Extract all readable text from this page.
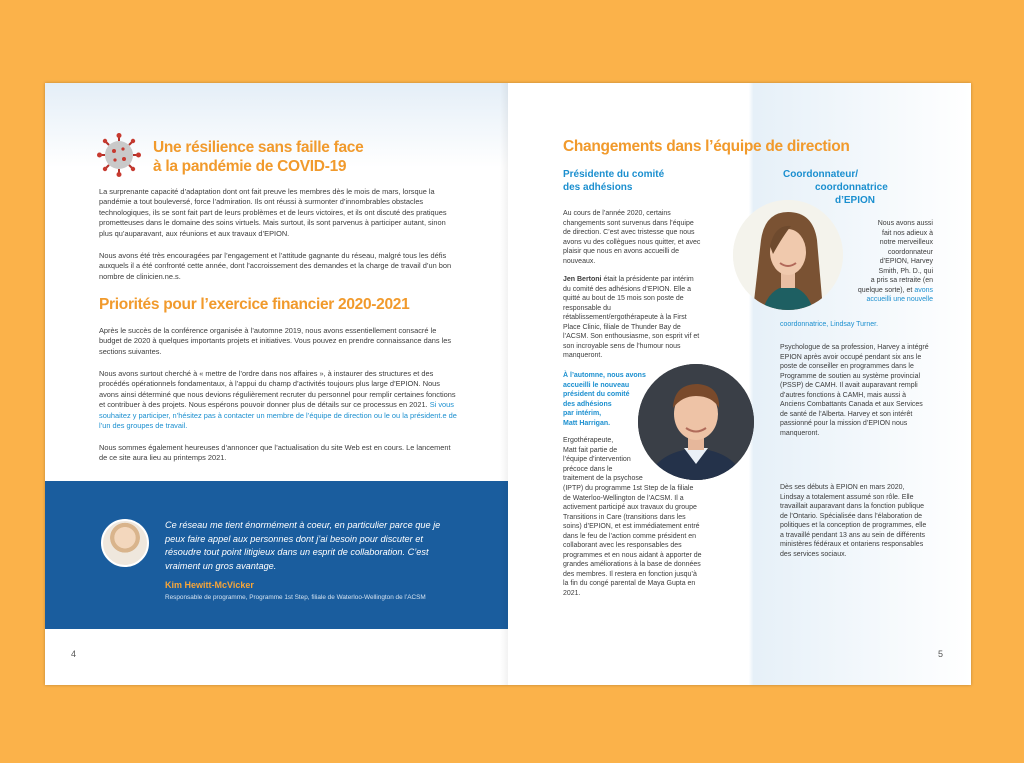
Une résilience sans faille face
à la pandémie de COVID-19

La surprenante capacité d’adaptation dont ont fait preuve les membres dès le mois de mars, lorsque la pandémie a tout bouleversé, force l’admiration. Ils ont réussi à surmonter d’innombrables obstacles technologiques, ils se sont fait part de leurs problèmes et de leurs victoires, et ils ont discuté des pratiques prometteuses dans le domaine des soins virtuels. Mais surtout, ils sont parvenus à participer autant, sinon plus qu’auparavant, aux réunions et aux travaux d’EPION.

Nous avons été très encouragées par l’engagement et l’attitude gagnante du réseau, malgré tous les défis auxquels il a été confronté cette année, dont l’accroissement des demandes et la charge de travail d’un bon nombre de clinicien.ne.s.

Priorités pour l’exercice financier 2020-2021

Après le succès de la conférence organisée à l’automne 2019, nous avons essentiellement consacré le budget de 2020 à quelques importants projets et initiatives. Vous pouvez en prendre connaissance dans les sections suivantes.

Nous avons surtout cherché à « mettre de l’ordre dans nos affaires », à instaurer des structures et des procédés opérationnels fondamentaux, à l’appui du champ d’activités toujours plus large d’EPION. Nous avons ainsi déterminé que nous devions régulièrement recruter du personnel pour remplir certaines fonctions et contribuer à des projets. Nous espérons pouvoir donner plus de détails sur ce processus en 2021. Si vous souhaitez y participer, n’hésitez pas à contacter un membre de l’équipe de direction ou le ou la président.e de l’un des groupes de travail.

Nous sommes également heureuses d’annoncer que l’actualisation du site Web est en cours. Le lancement de ce site aura lieu au printemps 2021.

Ce réseau me tient énormément à coeur, en particulier parce que je peux faire appel aux personnes dont j’ai besoin pour discuter et résoudre tout point litigieux dans un esprit de collaboration. C’est vraiment un gros avantage.

Kim Hewitt-McVicker
Responsable de programme, Programme 1st Step, filiale de Waterloo-Wellington de l’ACSM
4
Changements dans l’équipe de direction
Présidente du comité
des adhésions

Au cours de l’année 2020, certains changements sont survenus dans l’équipe de direction. C’est avec tristesse que nous avons vu des collègues nous quitter, et avec plaisir que nous en avons accueilli de nouveaux.

Jen Bertoni était la présidente par intérim du comité des adhésions d’EPION. Elle a quitté au bout de 15 mois son poste de responsable du rétablissement/ergothérapeute à la First Place Clinic, filiale de Thunder Bay de l’ACSM. Son enthousiasme, son esprit vif et son incroyable sens de l’humour nous manqueront.

À l’automne, nous avons
accueilli le nouveau
président du comité
des adhésions
par intérim,
Matt Harrigan.
Ergothérapeute,
Matt fait partie de
l’équipe d’intervention
précoce dans le
traitement de la psychose

(IPTP) du programme 1st Step de la filiale de Waterloo-Wellington de l’ACSM. Il a activement participé aux travaux du groupe Transitions in Care (transitions dans les soins) d’EPION, et est immédiatement entré dans le feu de l’action comme président en collaborant avec les responsables des programmes et en nous aidant à apporter de grandes améliorations à la base de données des membres. Il restera en fonction jusqu’à la fin du congé parental de Maya Gupta en 2021.

Coordonnateur/
coordonnatrice
d’EPION
Nous avons aussi
fait nos adieux à
notre merveilleux
coordonnateur
d’EPION, Harvey
Smith, Ph. D., qui
a pris sa retraite (en
quelque sorte), et avons
accueilli une nouvelle
coordonnatrice, Lindsay Turner.

Psychologue de sa profession, Harvey a intégré EPION après avoir occupé pendant six ans le poste de conseiller en programmes dans le Programme de soutien au système provincial (PSSP) de CAMH. Il avait auparavant rempli d’autres fonctions à CAMH, mais aussi à Anciens Combattants Canada et aux Services de santé de l’Alberta. Harvey et son intérêt passionné pour la mission d’EPION nous manqueront.

Dès ses débuts à EPION en mars 2020, Lindsay a totalement assumé son rôle. Elle travaillait auparavant dans la fonction publique de l’Ontario. Spécialisée dans l’élaboration de politiques et la conception de programmes, elle a travaillé pendant 13 ans au sein de différents ministères fédéraux et ontariens responsables des services sociaux.

5
